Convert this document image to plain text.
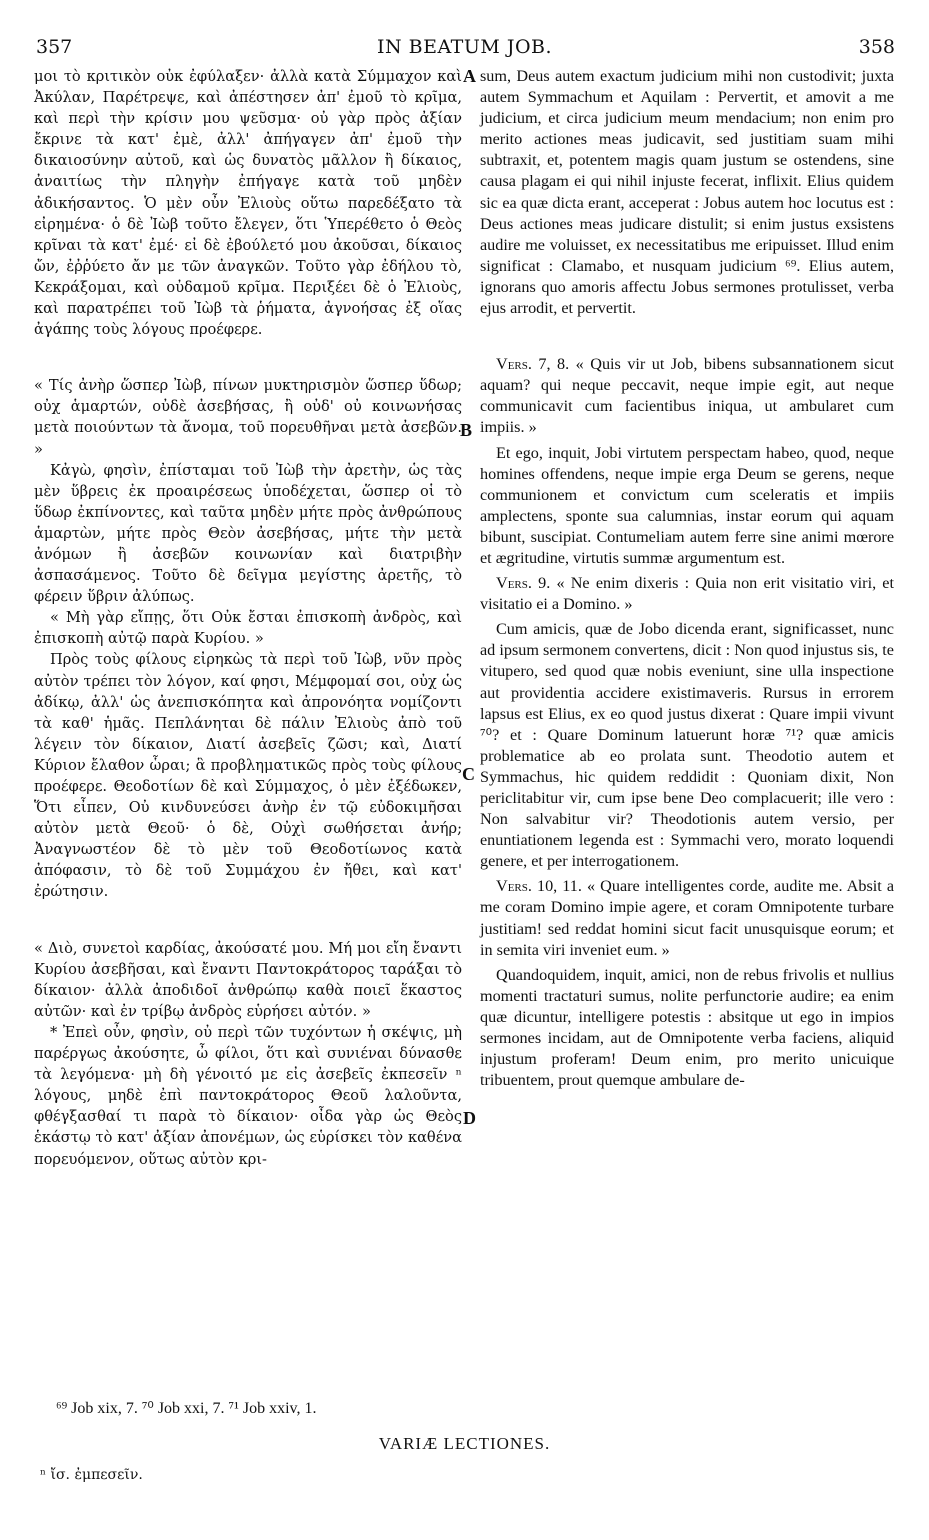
357	IN BEATUM JOB.	358

μοι τὸ κριτικὸν οὐκ ἐφύλαξεν· ἀλλὰ κατὰ Σύμμαχον καὶ Ἀκύλαν, Παρέτρεψε, καὶ ἀπέστησεν ἀπ' ἐμοῦ τὸ κρῖμα, καὶ περὶ τὴν κρίσιν μου ψεῦσμα· οὐ γὰρ πρὸς ἀξίαν ἔκρινε τὰ κατ' ἐμὲ, ἀλλ' ἀπήγαγεν ἀπ' ἐμοῦ τὴν δικαιοσύνην αὐτοῦ, καὶ ὡς δυνατὸς μᾶλλον ἢ δίκαιος, ἀναιτίως τὴν πληγὴν ἐπήγαγε κατὰ τοῦ μηδὲν ἀδικήσαντος. Ὁ μὲν οὖν Ἐλιοὺς οὕτω παρεδέξατο τὰ εἰρημένα· ὁ δὲ Ἰὼβ τοῦτο ἔλεγεν, ὅτι Ὑπερέθετο ὁ Θεὸς κρῖναι τὰ κατ' ἐμέ· εἰ δὲ ἐβούλετό μου ἀκοῦσαι, δίκαιος ὤν, ἐῤῥύετο ἄν με τῶν ἀναγκῶν. Τοῦτο γὰρ ἐδήλου τὸ, Κεκράξομαι, καὶ οὐδαμοῦ κρῖμα. Περιξέει δὲ ὁ Ἐλιοὺς, καὶ παρατρέπει τοῦ Ἰὼβ τὰ ῥήματα, ἀγνοήσας ἐξ οἵας ἀγάπης τοὺς λόγους προέφερε.

« Τίς ἀνὴρ ὥσπερ Ἰὼβ, πίνων μυκτηρισμὸν ὥσπερ ὕδωρ; οὐχ ἁμαρτών, οὐδὲ ἀσεβήσας, ἢ οὐδ' οὐ κοινωνήσας μετὰ ποιούντων τὰ ἄνομα, τοῦ πορευθῆναι μετὰ ἀσεβῶν. »

Κἀγὼ, φησὶν, ἐπίσταμαι τοῦ Ἰὼβ τὴν ἀρετὴν, ὡς τὰς μὲν ὕβρεις ἐκ προαιρέσεως ὑποδέχεται, ὥσπερ οἱ τὸ ὕδωρ ἐκπίνοντες, καὶ ταῦτα μηδὲν μήτε πρὸς ἀνθρώπους ἁμαρτὼν, μήτε πρὸς Θεὸν ἀσεβήσας, μήτε τὴν μετὰ ἀνόμων ἢ ἀσεβῶν κοινωνίαν καὶ διατριβὴν ἀσπασάμενος. Τοῦτο δὲ δεῖγμα μεγίστης ἀρετῆς, τὸ φέρειν ὕβριν ἀλύπως.

« Μὴ γὰρ εἴπῃς, ὅτι Οὐκ ἔσται ἐπισκοπὴ ἀνδρὸς, καὶ ἐπισκοπὴ αὐτῷ παρὰ Κυρίου. »

Πρὸς τοὺς φίλους εἰρηκὼς τὰ περὶ τοῦ Ἰὼβ, νῦν πρὸς αὐτὸν τρέπει τὸν λόγον, καί φησι, Μέμφομαί σοι, οὐχ ὡς ἀδίκῳ, ἀλλ' ὡς ἀνεπισκόπητα καὶ ἀπρονόητα νομίζοντι τὰ καθ' ἡμᾶς. Πεπλάνηται δὲ πάλιν Ἐλιοὺς ἀπὸ τοῦ λέγειν τὸν δίκαιον, Διατί ἀσεβεῖς ζῶσι; καὶ, Διατί Κύριον ἔλαθον ὧραι; ἃ προβληματικῶς πρὸς τοὺς φίλους προέφερε. Θεοδοτίων δὲ καὶ Σύμμαχος, ὁ μὲν ἐξέδωκεν, Ὅτι εἶπεν, Οὐ κινδυνεύσει ἀνὴρ ἐν τῷ εὐδοκιμῆσαι αὐτὸν μετὰ Θεοῦ· ὁ δὲ, Οὐχὶ σωθήσεται ἀνήρ; Ἀναγνωστέον δὲ τὸ μὲν τοῦ Θεοδοτίωνος κατὰ ἀπόφασιν, τὸ δὲ τοῦ Συμμάχου ἐν ἤθει, καὶ κατ' ἐρώτησιν.

« Διὸ, συνετοὶ καρδίας, ἀκούσατέ μου. Μή μοι εἴη ἔναντι Κυρίου ἀσεβῆσαι, καὶ ἔναντι Παντοκράτορος ταράξαι τὸ δίκαιον· ἀλλὰ ἀποδιδοῖ ἀνθρώπῳ καθὰ ποιεῖ ἕκαστος αὐτῶν· καὶ ἐν τρίβῳ ἀνδρὸς εὑρήσει αὐτόν. »

* Ἐπεὶ οὖν, φησὶν, οὐ περὶ τῶν τυχόντων ἡ σκέψις, μὴ παρέργως ἀκούσητε, ὦ φίλοι, ὅτι καὶ συνιέναι δύνασθε τὰ λεγόμενα· μὴ δὴ γένοιτό με εἰς ἀσεβεῖς ἐκπεσεῖν ⁿ λόγους, μηδὲ ἐπὶ παντοκράτορος Θεοῦ λαλοῦντα, φθέγξασθαί τι παρὰ τὸ δίκαιον· οἶδα γὰρ ὡς Θεὸς ἑκάστῳ τὸ κατ' ἀξίαν ἀπονέμων, ὡς εὑρίσκει τὸν καθένα πορευόμενον, οὕτως αὐτὸν κρι-

sum, Deus autem exactum judicium mihi non custodivit; juxta autem Symmachum et Aquilam : Pervertit, et amovit a me judicium, et circa judicium meum mendacium; non enim pro merito actiones meas judicavit, sed justitiam suam mihi subtraxit, et, potentem magis quam justum se ostendens, sine causa plagam ei qui nihil injuste fecerat, inflixit. Elius quidem sic ea quæ dicta erant, acceperat : Jobus autem hoc locutus est : Deus actiones meas judicare distulit; si enim justus exsistens audire me voluisset, ex necessitatibus me eripuisset. Illud enim significat : Clamabo, et nusquam judicium ⁶⁹. Elius autem, ignorans quo amoris affectu Jobus sermones protulisset, verba ejus arrodit, et pervertit.

Vers. 7, 8. « Quis vir ut Job, bibens subsannationem sicut aquam? qui neque peccavit, neque impie egit, aut neque communicavit cum facientibus iniqua, ut ambularet cum impiis. »

Et ego, inquit, Jobi virtutem perspectam habeo, quod, neque homines offendens, neque impie erga Deum se gerens, neque communionem et convictum cum sceleratis et impiis amplectens, sponte sua calumnias, instar eorum qui aquam bibunt, suscipiat. Contumeliam autem ferre sine animi mœrore et ægritudine, virtutis summæ argumentum est.

Vers. 9. « Ne enim dixeris : Quia non erit visitatio viri, et visitatio ei a Domino. »

Cum amicis, quæ de Jobo dicenda erant, significasset, nunc ad ipsum sermonem convertens, dicit : Non quod injustus sis, te vitupero, sed quod quæ nobis eveniunt, sine ulla inspectione aut providentia accidere existimaveris. Rursus in errorem lapsus est Elius, ex eo quod justus dixerat : Quare impii vivunt ⁷⁰? et : Quare Dominum latuerunt horæ ⁷¹? quæ amicis problematice ab eo prolata sunt. Theodotio autem et Symmachus, hic quidem reddidit : Quoniam dixit, Non periclitabitur vir, cum ipse bene Deo complacuerit; ille vero : Non salvabitur vir? Theodotionis autem versio, per enuntiationem legenda est : Symmachi vero, morato loquendi genere, et per interrogationem.

Vers. 10, 11. « Quare intelligentes corde, audite me. Absit a me coram Domino impie agere, et coram Omnipotente turbare justitiam! sed reddat homini sicut facit unusquisque eorum; et in semita viri inveniet eum. »

Quandoquidem, inquit, amici, non de rebus frivolis et nullius momenti tractaturi sumus, nolite perfunctorie audire; ea enim quæ dicuntur, intelligere potestis : absitque ut ego in impios sermones incidam, aut de Omnipotente verba faciens, aliquid injustum proferam! Deum enim, pro merito unicuique tribuentem, prout quemque ambulare de-

A
B
C
D
⁶⁹ Job xix, 7. ⁷⁰ Job xxi, 7. ⁷¹ Job xxiv, 1.
VARIÆ LECTIONES.
ⁿ ἴσ. ἐμπεσεῖν.
